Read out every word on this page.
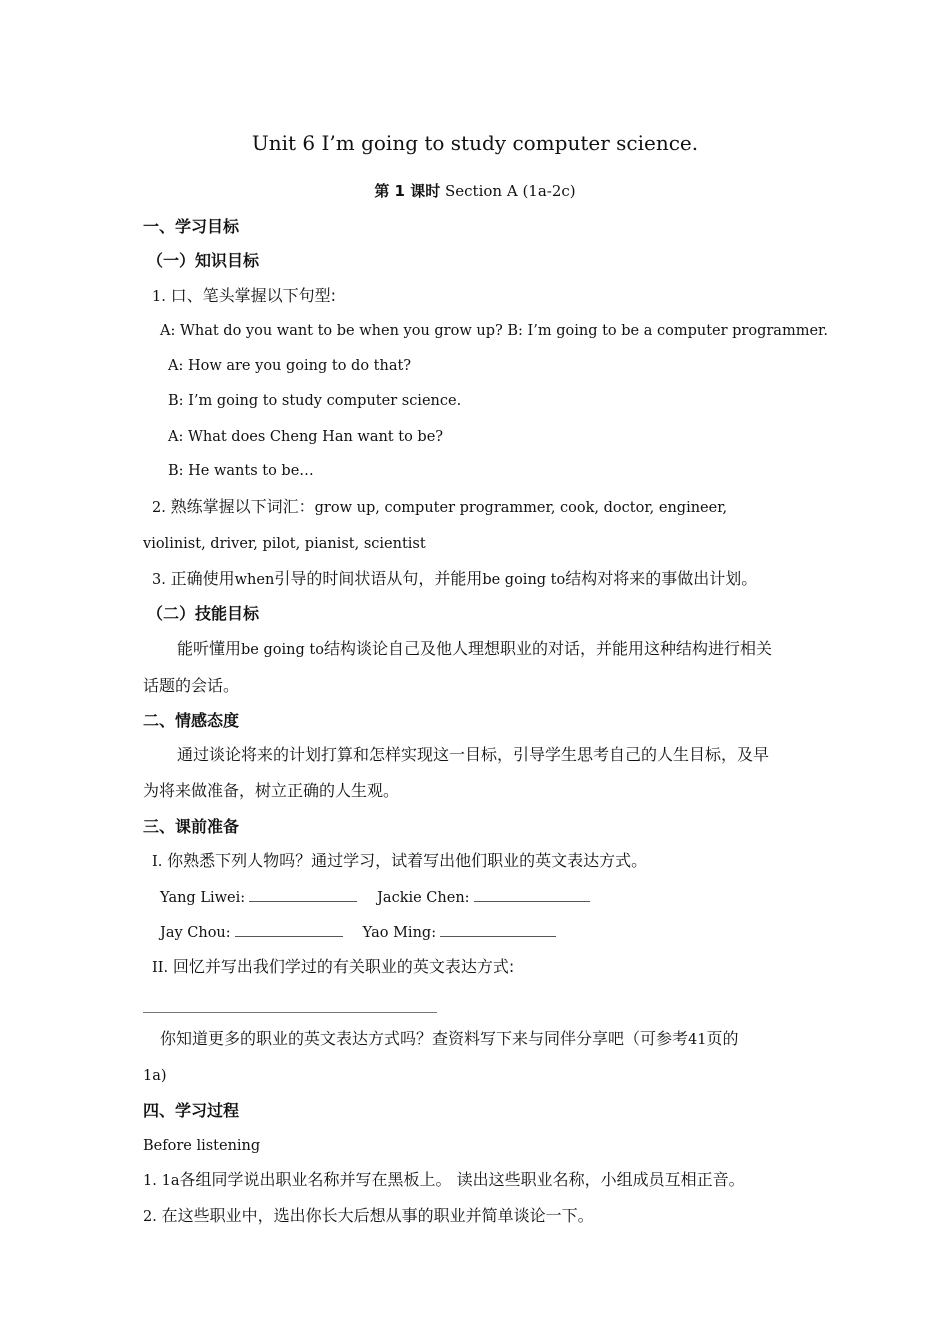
Unit 6 I’m going to study computer science.
第 1 课时 Section A (1a-2c)
一、学习目标
（一）知识目标
1. 口、笔头掌握以下句型:
A: What do you want to be when you grow up? B: I’m going to be a computer programmer.
A: How are you going to do that?
B: I’m going to study computer science.
A: What does Cheng Han want to be?
B: He wants to be…
2. 熟练掌握以下词汇：grow up, computer programmer, cook, doctor, engineer,
violinist, driver, pilot, pianist, scientist
3. 正确使用when引导的时间状语从句，并能用be going to结构对将来的事做出计划。
（二）技能目标
能听懂用be going to结构谈论自己及他人理想职业的对话，并能用这种结构进行相关
话题的会话。
二、情感态度
通过谈论将来的计划打算和怎样实现这一目标，引导学生思考自己的人生目标，及早
为将来做准备，树立正确的人生观。
三、课前准备
I. 你熟悉下列人物吗？通过学习，试着写出他们职业的英文表达方式。
Yang Liwei:	Jackie Chen:
Jay Chou:	Yao Ming:
II. 回忆并写出我们学过的有关职业的英文表达方式:
你知道更多的职业的英文表达方式吗？查资料写下来与同伴分享吧（可参考41页的
1a)
四、学习过程
Before listening
1. 1a各组同学说出职业名称并写在黑板上。 读出这些职业名称，小组成员互相正音。
2. 在这些职业中，选出你长大后想从事的职业并简单谈论一下。
